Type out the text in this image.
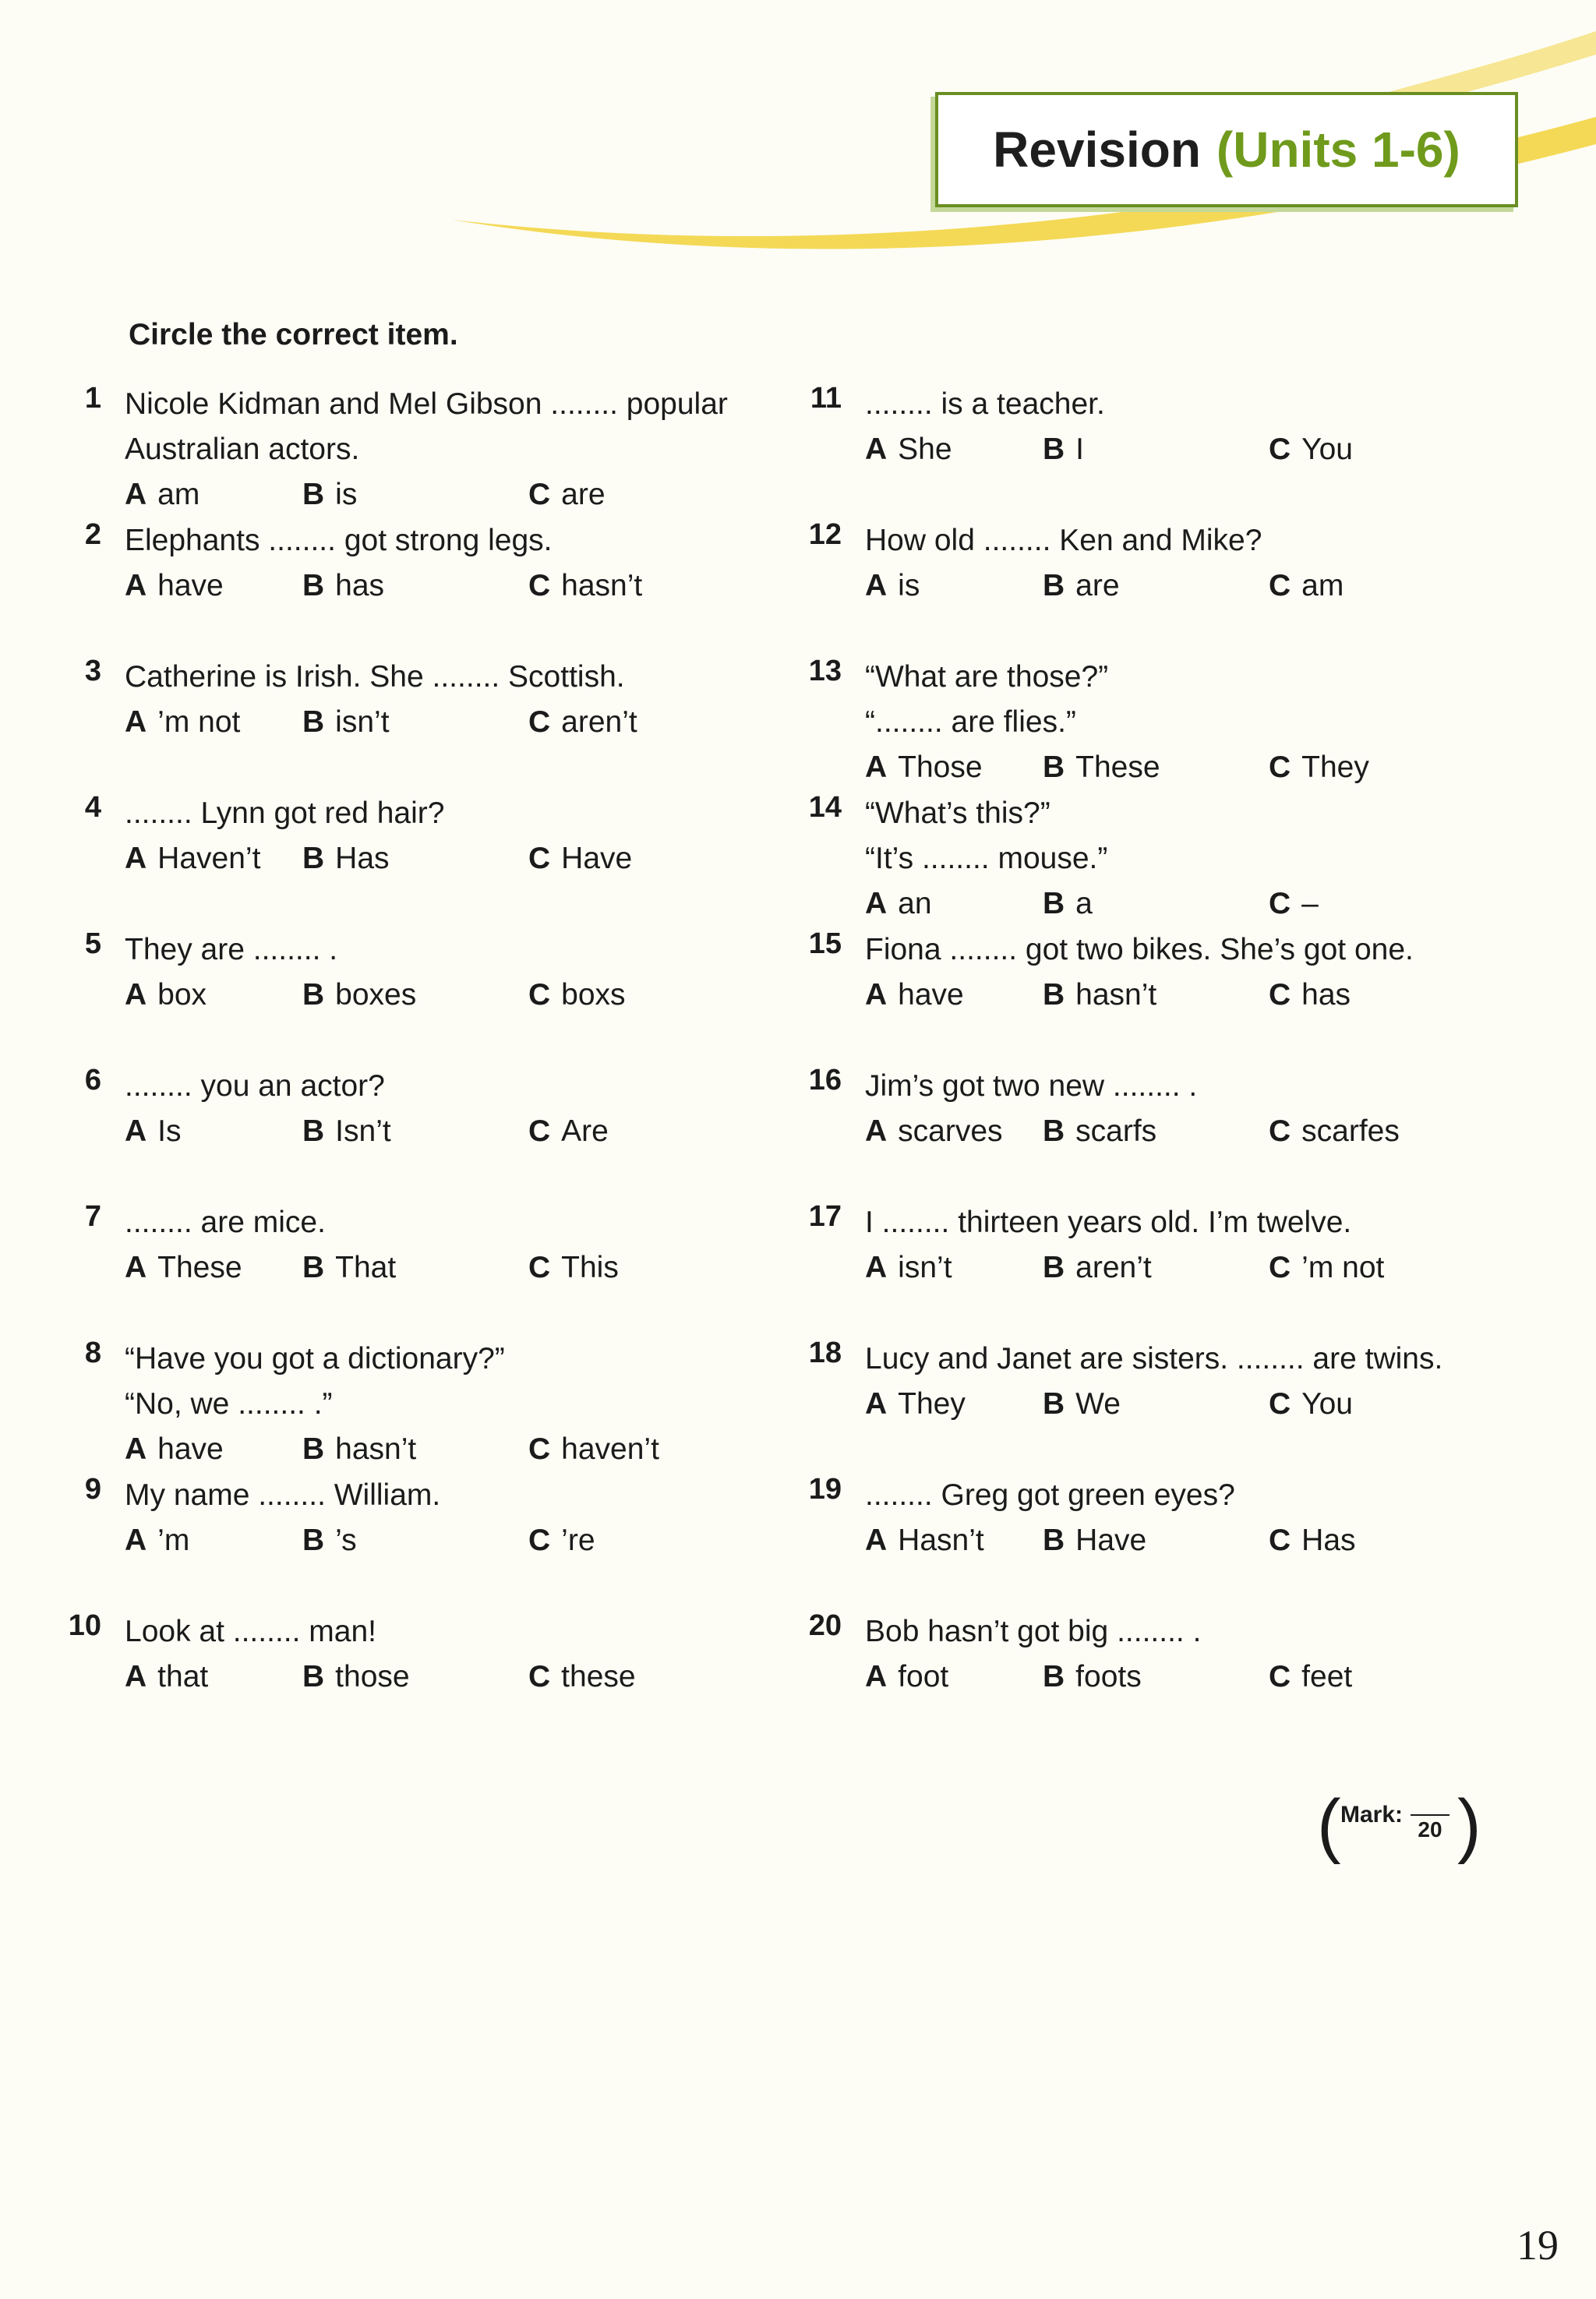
Revision (Units 1-6)
Circle the correct item.
1 Nicole Kidman and Mel Gibson ........ popular
Australian actors.
A am	B is	C are
2 Elephants ........ got strong legs.
A have	B has	C hasn’t
3 Catherine is Irish. She ........ Scottish.
A ’m not B isn’t	C aren’t
4 ........ Lynn got red hair?
A Haven’t B Has	C Have
5 They are ........ .
A box	B boxes	C boxs
6 ........ you an actor?
A Is	B Isn’t	C Are
7 ........ are mice.
A These B That	C This
8 “Have you got a dictionary?”
“No, we ........ .”
A have	B hasn’t	C haven’t
9 My name ........ William.
A ’m	B ’s	C ’re
10 Look at ........ man!
A that	B those	C these
11 ........ is a teacher.
A She	B I	C You
12 How old ........ Ken and Mike?
A is	B are	C am
13 “What are those?”
“........ are flies.”
A Those B These	C They
14 “What’s this?”
“It’s ........ mouse.”
A an	B a	C –
15 Fiona ........ got two bikes. She’s got one.
A have	B hasn’t	C has
16 Jim’s got two new ........ .
A scarves B scarfs	C scarfes
17 I ........ thirteen years old. I’m twelve.
A isn’t	B aren’t	C ’m not
18 Lucy and Janet are sisters. ........ are twins.
A They	B We	C You
19 ........ Greg got green eyes?
A Hasn’t B Have	C Has
20 Bob hasn’t got big ........ .
A foot	B foots	C feet
( Mark:
20 )
19
